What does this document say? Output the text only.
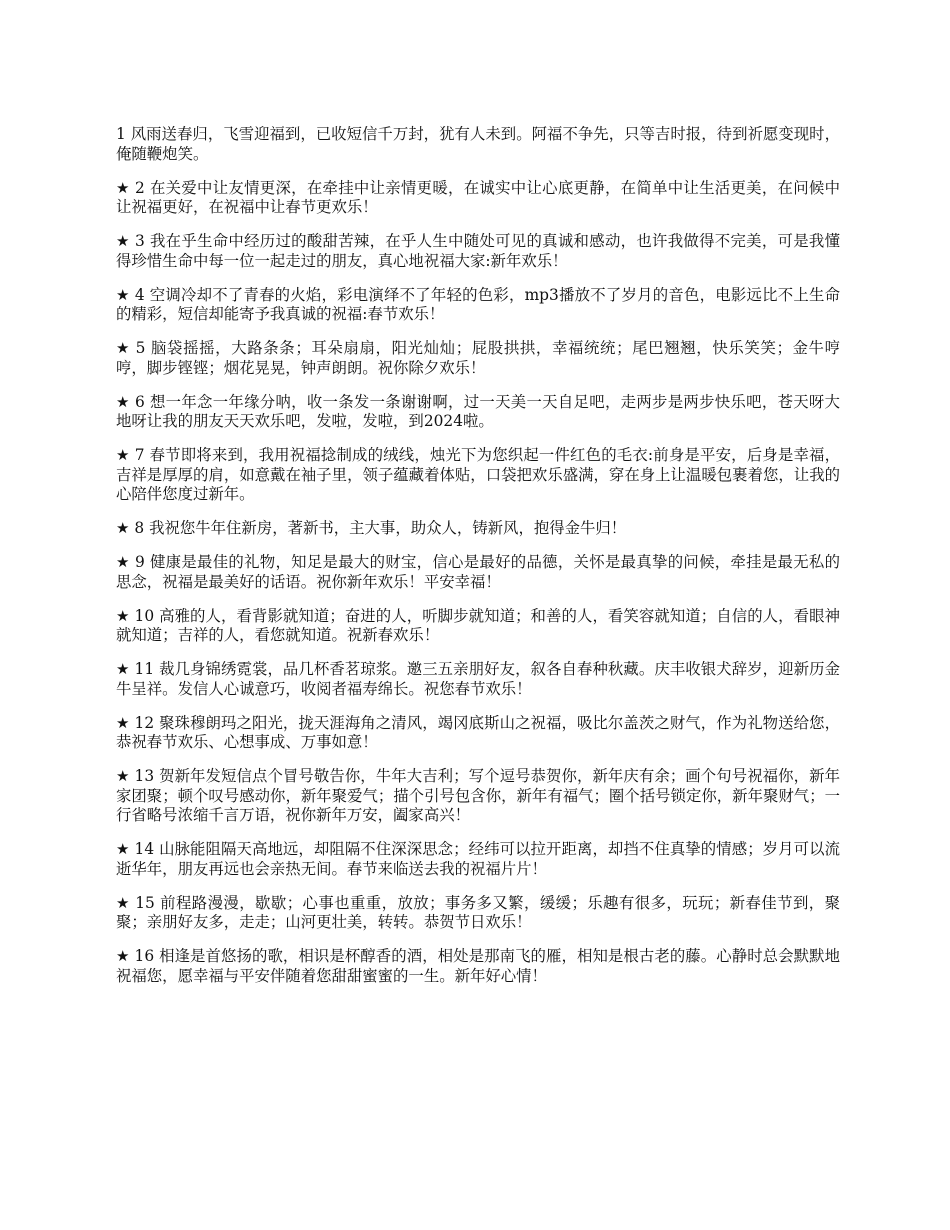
1 风雨送春归，飞雪迎福到，已收短信千万封，犹有人未到。阿福不争先，只等吉时报，待到祈愿变现时，俺随鞭炮笑。

★ 2 在关爱中让友情更深，在牵挂中让亲情更暖，在诚实中让心底更静，在简单中让生活更美，在问候中让祝福更好，在祝福中让春节更欢乐！

★ 3 我在乎生命中经历过的酸甜苦辣，在乎人生中随处可见的真诚和感动，也许我做得不完美，可是我懂得珍惜生命中每一位一起走过的朋友，真心地祝福大家:新年欢乐！

★ 4 空调冷却不了青春的火焰，彩电演绎不了年轻的色彩，mp3播放不了岁月的音色，电影远比不上生命的精彩，短信却能寄予我真诚的祝福:春节欢乐！

★ 5 脑袋摇摇，大路条条；耳朵扇扇，阳光灿灿；屁股拱拱，幸福统统；尾巴翘翘，快乐笑笑；金牛哼哼，脚步铿铿；烟花晃晃，钟声朗朗。祝你除夕欢乐！

★ 6 想一年念一年缘分呐，收一条发一条谢谢啊，过一天美一天自足吧，走两步是两步快乐吧，苍天呀大地呀让我的朋友天天欢乐吧，发啦，发啦，到2024啦。

★ 7 春节即将来到，我用祝福捻制成的绒线，烛光下为您织起一件红色的毛衣:前身是平安，后身是幸福，吉祥是厚厚的肩，如意戴在袖子里，领子蕴藏着体贴，口袋把欢乐盛满，穿在身上让温暖包裹着您，让我的心陪伴您度过新年。

★ 8 我祝您牛年住新房，著新书，主大事，助众人，铸新风，抱得金牛归！

★ 9 健康是最佳的礼物，知足是最大的财宝，信心是最好的品德，关怀是最真挚的问候，牵挂是最无私的思念，祝福是最美好的话语。祝你新年欢乐！平安幸福！

★ 10 高雅的人，看背影就知道；奋进的人，听脚步就知道；和善的人，看笑容就知道；自信的人，看眼神就知道；吉祥的人，看您就知道。祝新春欢乐！

★ 11 裁几身锦绣霓裳，品几杯香茗琼浆。邀三五亲朋好友，叙各自春种秋藏。庆丰收银犬辞岁，迎新历金牛呈祥。发信人心诚意巧，收阅者福寿绵长。祝您春节欢乐！

★ 12 聚珠穆朗玛之阳光，拢天涯海角之清风，竭冈底斯山之祝福，吸比尔盖茨之财气，作为礼物送给您，恭祝春节欢乐、心想事成、万事如意！

★ 13 贺新年发短信点个冒号敬告你，牛年大吉利；写个逗号恭贺你，新年庆有余；画个句号祝福你，新年家团聚；顿个叹号感动你，新年聚爱气；描个引号包含你，新年有福气；圈个括号锁定你，新年聚财气；一行省略号浓缩千言万语，祝你新年万安，阖家高兴！

★ 14 山脉能阻隔天高地远，却阻隔不住深深思念；经纬可以拉开距离，却挡不住真挚的情感；岁月可以流逝华年，朋友再远也会亲热无间。春节来临送去我的祝福片片！

★ 15 前程路漫漫，歇歇；心事也重重，放放；事务多又繁，缓缓；乐趣有很多，玩玩；新春佳节到，聚聚；亲朋好友多，走走；山河更壮美，转转。恭贺节日欢乐！

★ 16 相逢是首悠扬的歌，相识是杯醇香的酒，相处是那南飞的雁，相知是根古老的藤。心静时总会默默地祝福您，愿幸福与平安伴随着您甜甜蜜蜜的一生。新年好心情！
